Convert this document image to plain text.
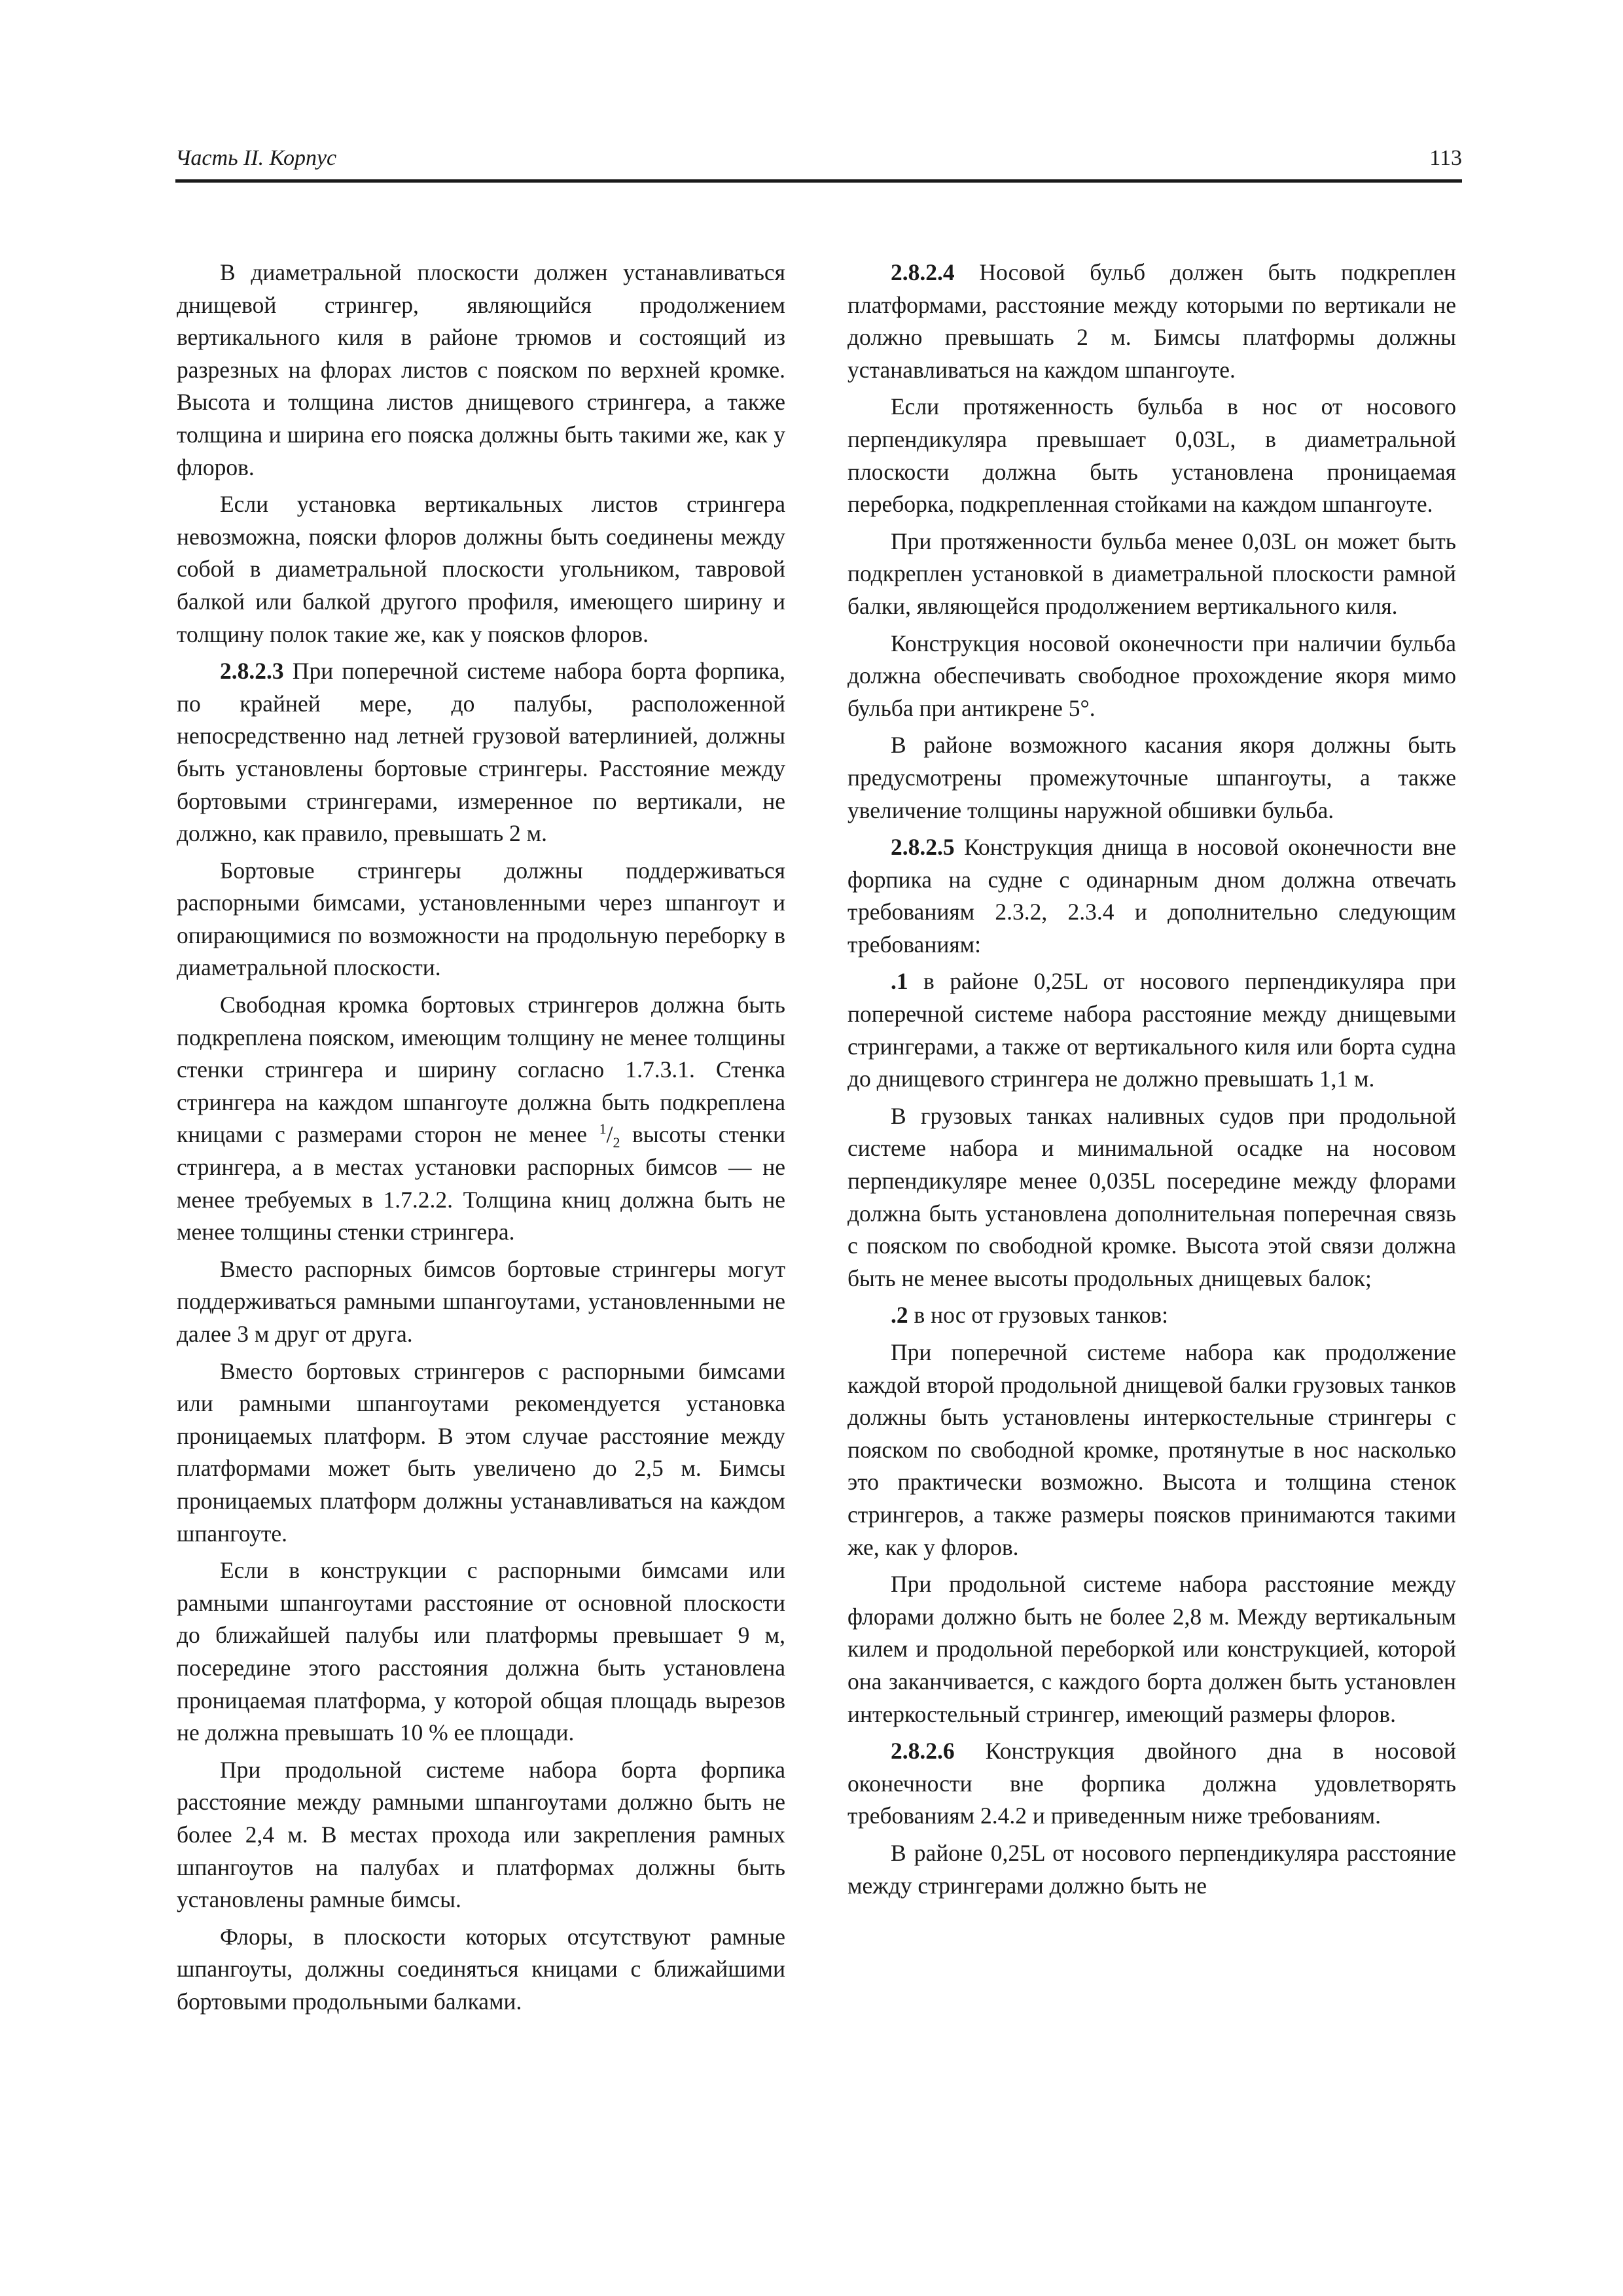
Часть II. Корпус	113

В диаметральной плоскости должен устанавливаться днищевой стрингер, являющийся продолжением вертикального киля в районе трюмов и состоящий из разрезных на флорах листов с пояском по верхней кромке. Высота и толщина листов днищевого стрингера, а также толщина и ширина его пояска должны быть такими же, как у флоров.

Если установка вертикальных листов стрингера невозможна, пояски флоров должны быть соединены между собой в диаметральной плоскости угольником, тавровой балкой или балкой другого профиля, имеющего ширину и толщину полок такие же, как у поясков флоров.

2.8.2.3 При поперечной системе набора борта форпика, по крайней мере, до палубы, расположенной непосредственно над летней грузовой ватерлинией, должны быть установлены бортовые стрингеры. Расстояние между бортовыми стрингерами, измеренное по вертикали, не должно, как правило, превышать 2 м.

Бортовые стрингеры должны поддерживаться распорными бимсами, установленными через шпангоут и опирающимися по возможности на продольную переборку в диаметральной плоскости.

Свободная кромка бортовых стрингеров должна быть подкреплена пояском, имеющим толщину не менее толщины стенки стрингера и ширину согласно 1.7.3.1. Стенка стрингера на каждом шпангоуте должна быть подкреплена кницами с размерами сторон не менее $^1/_2$ высоты стенки стрингера, а в местах установки распорных бимсов — не менее требуемых в 1.7.2.2. Толщина книц должна быть не менее толщины стенки стрингера.

Вместо распорных бимсов бортовые стрингеры могут поддерживаться рамными шпангоутами, установленными не далее 3 м друг от друга.

Вместо бортовых стрингеров с распорными бимсами или рамными шпангоутами рекомендуется установка проницаемых платформ. В этом случае расстояние между платформами может быть увеличено до 2,5 м. Бимсы проницаемых платформ должны устанавливаться на каждом шпангоуте.

Если в конструкции с распорными бимсами или рамными шпангоутами расстояние от основной плоскости до ближайшей палубы или платформы превышает 9 м, посередине этого расстояния должна быть установлена проницаемая платформа, у которой общая площадь вырезов не должна превышать 10 % ее площади.

При продольной системе набора борта форпика расстояние между рамными шпангоутами должно быть не более 2,4 м. В местах прохода или закрепления рамных шпангоутов на палубах и платформах должны быть установлены рамные бимсы.

Флоры, в плоскости которых отсутствуют рамные шпангоуты, должны соединяться кницами с ближайшими бортовыми продольными балками.

2.8.2.4 Носовой бульб должен быть подкреплен платформами, расстояние между которыми по вертикали не должно превышать 2 м. Бимсы платформы должны устанавливаться на каждом шпангоуте.

Если протяженность бульба в нос от носового перпендикуляра превышает 0,03L, в диаметральной плоскости должна быть установлена проницаемая переборка, подкрепленная стойками на каждом шпангоуте.

При протяженности бульба менее 0,03L он может быть подкреплен установкой в диаметральной плоскости рамной балки, являющейся продолжением вертикального киля.

Конструкция носовой оконечности при наличии бульба должна обеспечивать свободное прохождение якоря мимо бульба при антикрене 5°.

В районе возможного касания якоря должны быть предусмотрены промежуточные шпангоуты, а также увеличение толщины наружной обшивки бульба.

2.8.2.5 Конструкция днища в носовой оконечности вне форпика на судне с одинарным дном должна отвечать требованиям 2.3.2, 2.3.4 и дополнительно следующим требованиям:

.1 в районе 0,25L от носового перпендикуляра при поперечной системе набора расстояние между днищевыми стрингерами, а также от вертикального киля или борта судна до днищевого стрингера не должно превышать 1,1 м.

В грузовых танках наливных судов при продольной системе набора и минимальной осадке на носовом перпендикуляре менее 0,035L посередине между флорами должна быть установлена дополнительная поперечная связь с пояском по свободной кромке. Высота этой связи должна быть не менее высоты продольных днищевых балок;

.2 в нос от грузовых танков:

При поперечной системе набора как продолжение каждой второй продольной днищевой балки грузовых танков должны быть установлены интеркостельные стрингеры с пояском по свободной кромке, протянутые в нос насколько это практически возможно. Высота и толщина стенок стрингеров, а также размеры поясков принимаются такими же, как у флоров.

При продольной системе набора расстояние между флорами должно быть не более 2,8 м. Между вертикальным килем и продольной переборкой или конструкцией, которой она заканчивается, с каждого борта должен быть установлен интеркостельный стрингер, имеющий размеры флоров.

2.8.2.6 Конструкция двойного дна в носовой оконечности вне форпика должна удовлетворять требованиям 2.4.2 и приведенным ниже требованиям.

В районе 0,25L от носового перпендикуляра расстояние между стрингерами должно быть не
